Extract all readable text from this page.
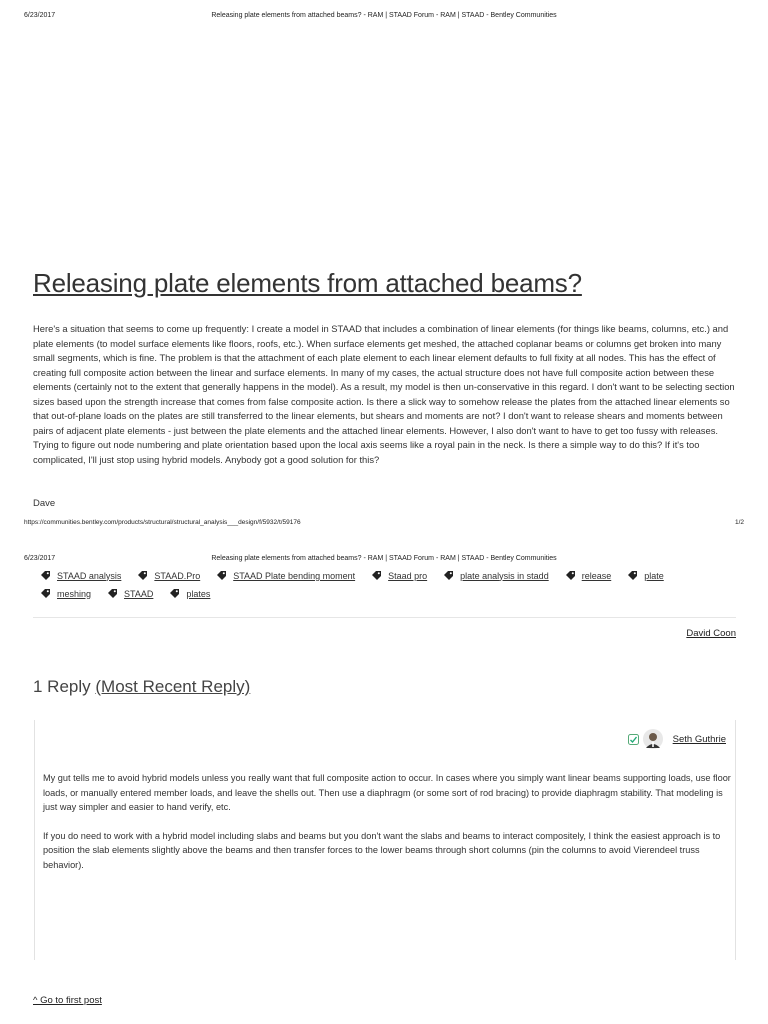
6/23/2017	Releasing plate elements from attached beams? - RAM | STAAD Forum - RAM | STAAD - Bentley Communities
Releasing plate elements from attached beams?
Here's a situation that seems to come up frequently: I create a model in STAAD that includes a combination of linear elements (for things like beams, columns, etc.) and plate elements (to model surface elements like floors, roofs, etc.). When surface elements get meshed, the attached coplanar beams or columns get broken into many small segments, which is fine. The problem is that the attachment of each plate element to each linear element defaults to full fixity at all nodes. This has the effect of creating full composite action between the linear and surface elements. In many of my cases, the actual structure does not have full composite action between these elements (certainly not to the extent that generally happens in the model). As a result, my model is then un-conservative in this regard. I don't want to be selecting section sizes based upon the strength increase that comes from false composite action. Is there a slick way to somehow release the plates from the attached linear elements so that out-of-plane loads on the plates are still transferred to the linear elements, but shears and moments are not? I don't want to release shears and moments between pairs of adjacent plate elements - just between the plate elements and the attached linear elements. However, I also don't want to have to get too fussy with releases. Trying to figure out node numbering and plate orientation based upon the local axis seems like a royal pain in the neck. Is there a simple way to do this? If it's too complicated, I'll just stop using hybrid models. Anybody got a good solution for this?
Dave
https://communities.bentley.com/products/structural/structural_analysis___design/f/5932/t/59176	1/2
6/23/2017	Releasing plate elements from attached beams? - RAM | STAAD Forum - RAM | STAAD - Bentley Communities
STAAD analysis	STAAD.Pro	STAAD Plate bending moment	Staad pro	plate analysis in stadd	release	plate
meshing	STAAD	plates
David Coon
1 Reply (Most Recent Reply)
Seth Guthrie

My gut tells me to avoid hybrid models unless you really want that full composite action to occur. In cases where you simply want linear beams supporting loads, use floor loads, or manually entered member loads, and leave the shells out. Then use a diaphragm (or some sort of rod bracing) to provide diaphragm stability. That modeling is just way simpler and easier to hand verify, etc.

If you do need to work with a hybrid model including slabs and beams but you don't want the slabs and beams to interact compositely, I think the easiest approach is to position the slab elements slightly above the beams and then transfer forces to the lower beams through short columns (pin the columns to avoid Vierendeel truss behavior).

^ Go to first post
